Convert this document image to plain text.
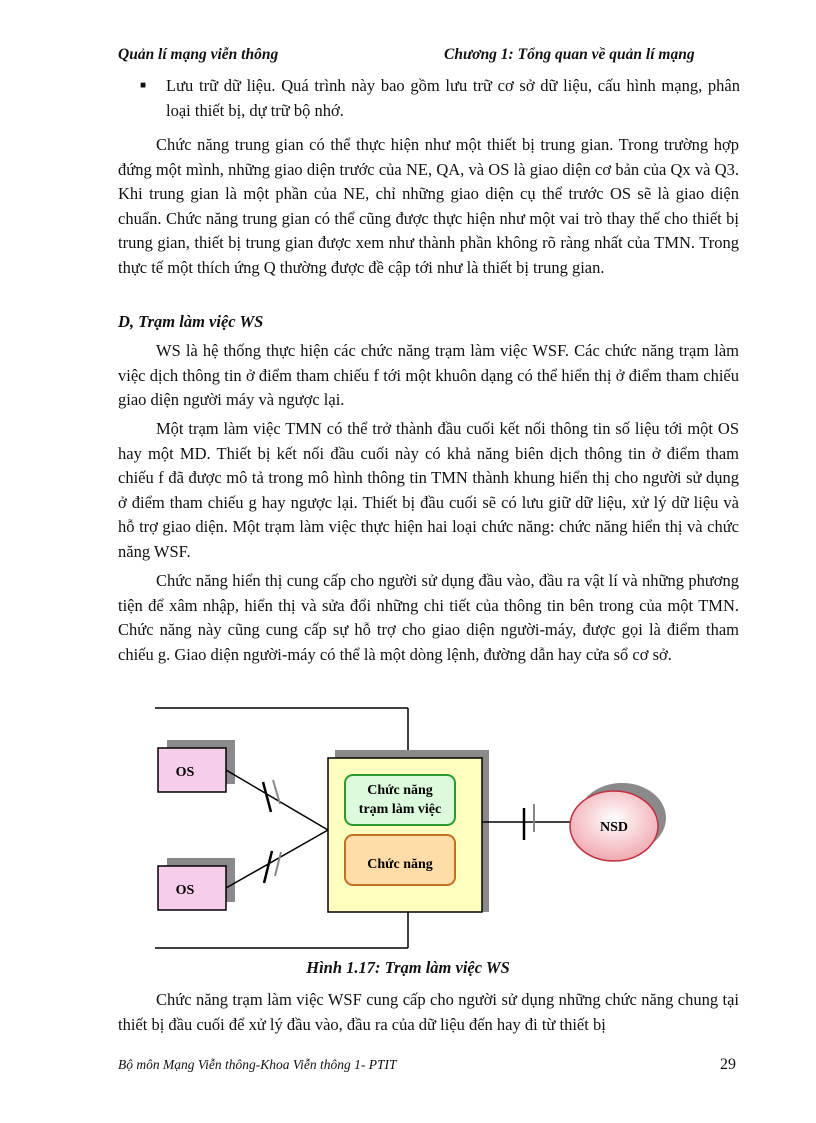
Quản lí mạng viễn thông	Chương 1: Tổng quan về quản lí mạng
■ Lưu trữ dữ liệu. Quá trình này bao gồm lưu trữ cơ sở dữ liệu, cấu hình mạng, phân loại thiết bị, dự trữ bộ nhớ.
Chức năng trung gian có thể thực hiện như một thiết bị trung gian. Trong trường hợp đứng một mình, những giao diện trước của NE, QA, và OS là giao diện cơ bản của Qx và Q3. Khi trung gian là một phần của NE, chỉ những giao diện cụ thể trước OS sẽ là giao diện chuẩn. Chức năng trung gian có thể cũng được thực hiện như một vai trò thay thế cho thiết bị trung gian, thiết bị trung gian được xem như thành phần không rõ ràng nhất của TMN. Trong thực tế một thích ứng Q thường được đề cập tới như là thiết bị trung gian.
D, Trạm làm việc WS
WS là hệ thống thực hiện các chức năng trạm làm việc WSF. Các chức năng trạm làm việc dịch thông tin ở điểm tham chiếu f tới một khuôn dạng có thể hiển thị ở điểm tham chiếu giao diện người máy và ngược lại.
Một trạm làm việc TMN có thể trở thành đầu cuối kết nối thông tin số liệu tới một OS hay một MD. Thiết bị kết nối đầu cuối này có khả năng biên dịch thông tin ở điểm tham chiếu f đã được mô tả trong mô hình thông tin TMN thành khung hiển thị cho người sử dụng ở điểm tham chiếu g hay ngược lại. Thiết bị đầu cuối sẽ có lưu giữ dữ liệu, xử lý dữ liệu và hỗ trợ giao diện. Một trạm làm việc thực hiện hai loại chức năng: chức năng hiển thị và chức năng WSF.
Chức năng hiển thị cung cấp cho người sử dụng đầu vào, đầu ra vật lí và những phương tiện để xâm nhập, hiển thị và sửa đổi những chi tiết của thông tin bên trong của một TMN. Chức năng này cũng cung cấp sự hỗ trợ cho giao diện người-máy, được gọi là điểm tham chiếu g. Giao diện người-máy có thể là một dòng lệnh, đường dẫn hay cửa sổ cơ sở.
OS
OS
Chức năng
trạm làm việc
Chức năng
NSD
Hình 1.17: Trạm làm việc WS
Chức năng trạm làm việc WSF cung cấp cho người sử dụng những chức năng chung tại thiết bị đầu cuối để xử lý đầu vào, đầu ra của dữ liệu đến hay đi từ thiết bị
Bộ môn Mạng Viễn thông-Khoa Viễn thông 1- PTIT	29
